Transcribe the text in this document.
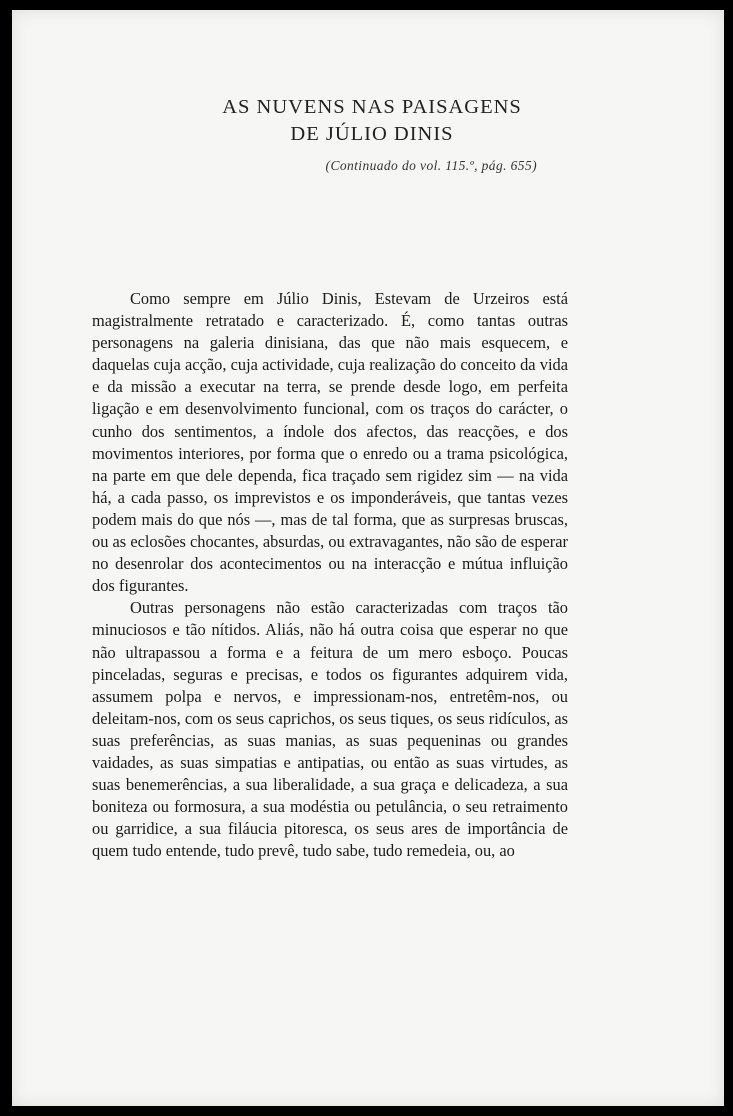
AS NUVENS NAS PAISAGENS
DE JÚLIO DINIS
(Continuado do vol. 115.º, pág. 655)

Como sempre em Júlio Dinis, Estevam de Urzeiros está magistralmente retratado e caracterizado. É, como tantas outras personagens na galeria dinisiana, das que não mais esquecem, e daquelas cuja acção, cuja actividade, cuja realização do conceito da vida e da missão a executar na terra, se prende desde logo, em perfeita ligação e em desenvolvimento funcional, com os traços do carácter, o cunho dos sentimentos, a índole dos afectos, das reacções, e dos movimentos interiores, por forma que o enredo ou a trama psicológica, na parte em que dele dependa, fica traçado sem rigidez sim — na vida há, a cada passo, os imprevistos e os imponderáveis, que tantas vezes podem mais do que nós —, mas de tal forma, que as surpresas bruscas, ou as eclosões chocantes, absurdas, ou extravagantes, não são de esperar no desenrolar dos acontecimentos ou na interacção e mútua influição dos figurantes.

Outras personagens não estão caracterizadas com traços tão minuciosos e tão nítidos. Aliás, não há outra coisa que esperar no que não ultrapassou a forma e a feitura de um mero esboço. Poucas pinceladas, seguras e precisas, e todos os figurantes adquirem vida, assumem polpa e nervos, e impressionam-nos, entretêm-nos, ou deleitam-nos, com os seus caprichos, os seus tiques, os seus ridículos, as suas preferências, as suas manias, as suas pequeninas ou grandes vaidades, as suas simpatias e antipatias, ou então as suas virtudes, as suas benemerências, a sua liberalidade, a sua graça e delicadeza, a sua boniteza ou formosura, a sua modéstia ou petulância, o seu retraimento ou garridice, a sua filáucia pitoresca, os seus ares de importância de quem tudo entende, tudo prevê, tudo sabe, tudo remedeia, ou, ao
